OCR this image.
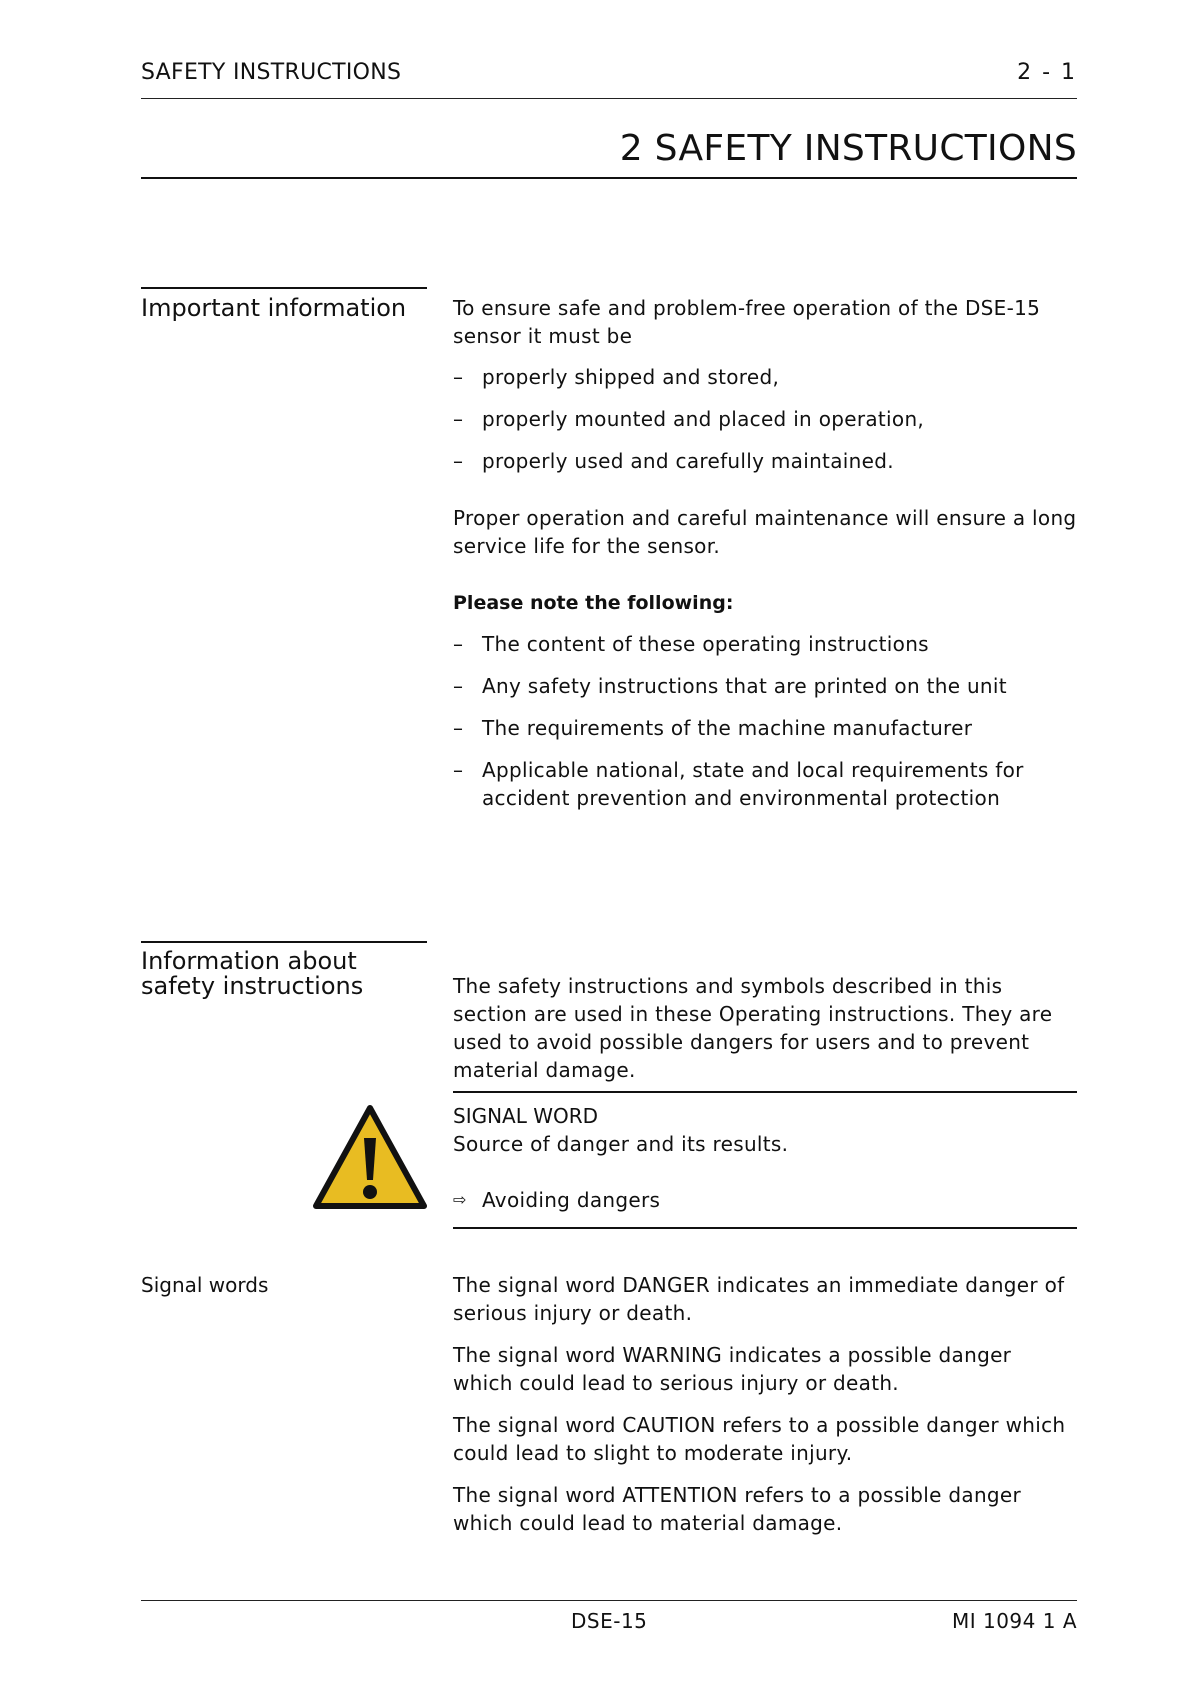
SAFETY INSTRUCTIONS	2 - 1
2 SAFETY INSTRUCTIONS
Important information To ensure safe and problem-free operation of the DSE-15 sensor it must be
– properly shipped and stored,
– properly mounted and placed in operation,
– properly used and carefully maintained.
Proper operation and careful maintenance will ensure a long service life for the sensor.
Please note the following:
– The content of these operating instructions
– Any safety instructions that are printed on the unit
– The requirements of the machine manufacturer
– Applicable national, state and local requirements for accident prevention and environmental protection
Information about
safety instructions	The safety instructions and symbols described in this section are used in these Operating instructions. They are used to avoid possible dangers for users and to prevent material damage.
SIGNAL WORD
Source of danger and its results.
⇨ Avoiding dangers
Signal words	The signal word DANGER indicates an immediate danger of serious injury or death.
The signal word WARNING indicates a possible danger which could lead to serious injury or death.
The signal word CAUTION refers to a possible danger which could lead to slight to moderate injury.
The signal word ATTENTION refers to a possible danger which could lead to material damage.
DSE-15	MI 1094 1 A
